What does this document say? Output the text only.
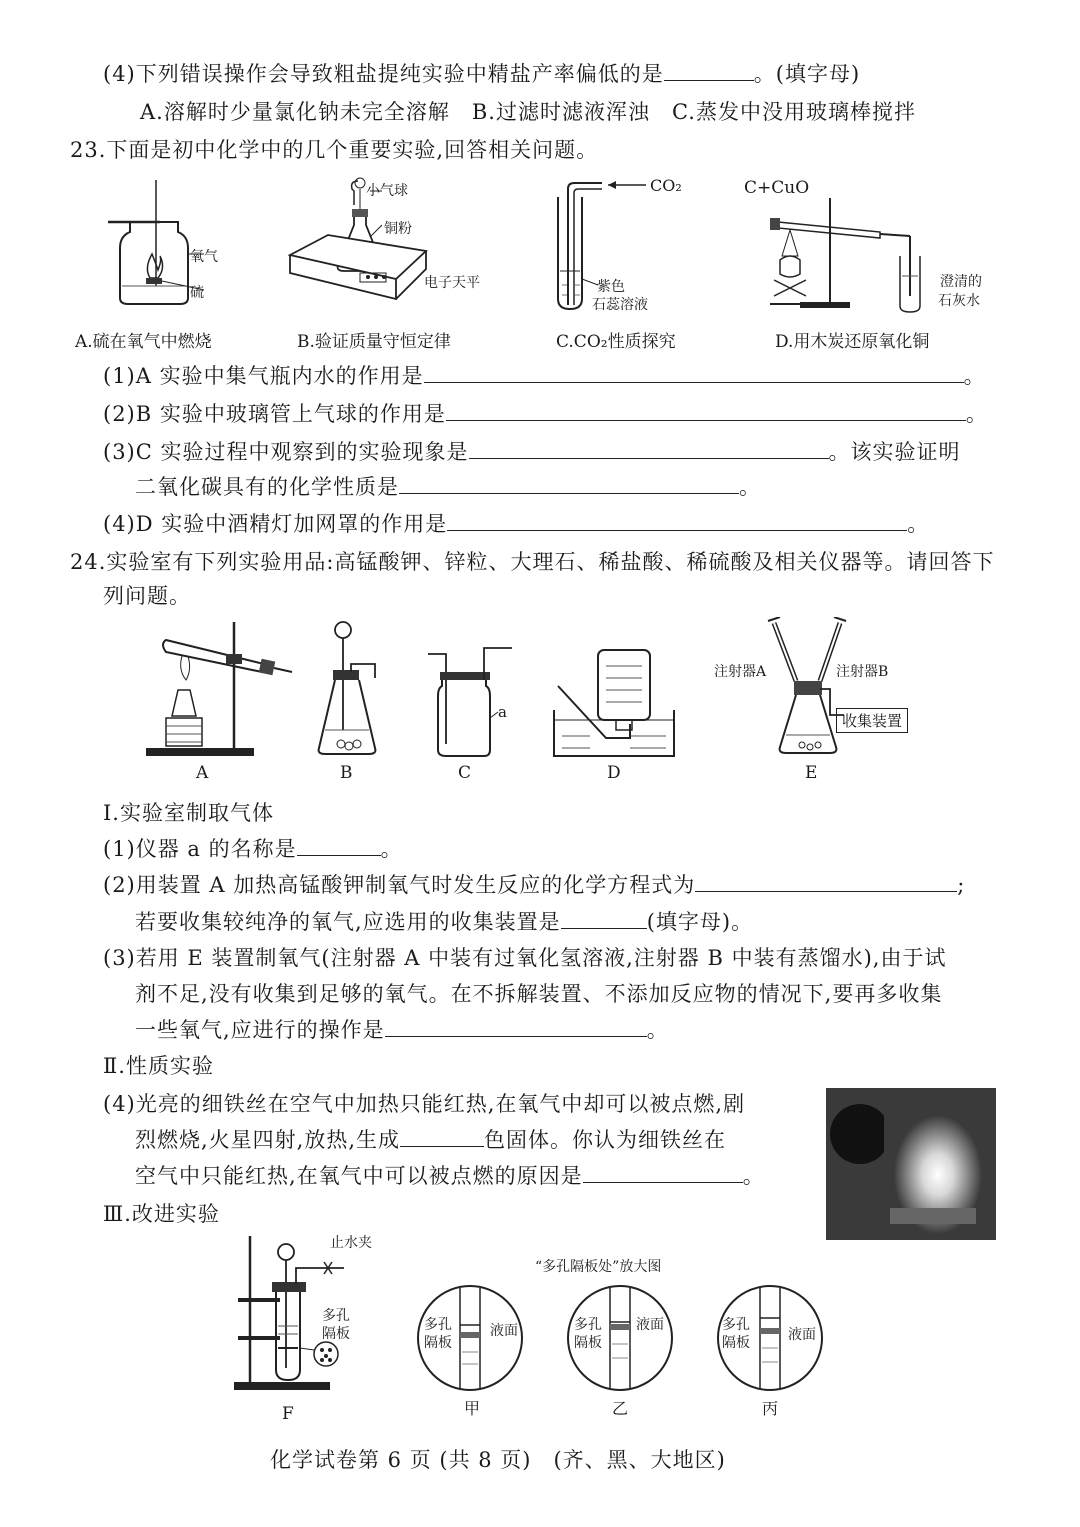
(4)下列错误操作会导致粗盐提纯实验中精盐产率偏低的是	。(填字母)
A.溶解时少量氯化钠未完全溶解　B.过滤时滤液浑浊　C.蒸发中没用玻璃棒搅拌
23.下面是初中化学中的几个重要实验,回答相关问题。
氧气
硫
A.硫在氧气中燃烧
小气球
铜粉
电子天平
B.验证质量守恒定律
CO₂
紫色
石蕊溶液
C.CO₂性质探究
C+CuO
澄清的
石灰水
D.用木炭还原氧化铜
(1)A 实验中集气瓶内水的作用是	。
(2)B 实验中玻璃管上气球的作用是	。
(3)C 实验过程中观察到的实验现象是	。该实验证明
二氧化碳具有的化学性质是	。
(4)D 实验中酒精灯加网罩的作用是	。
24.实验室有下列实验用品:高锰酸钾、锌粒、大理石、稀盐酸、稀硫酸及相关仪器等。请回答下
列问题。
A	B
a
C	D
注射器A	注射器B
收集装置
E
Ⅰ.实验室制取气体
(1)仪器 a 的名称是	。
(2)用装置 A 加热高锰酸钾制氧气时发生反应的化学方程式为	;
若要收集较纯净的氧气,应选用的收集装置是	(填字母)。
(3)若用 E 装置制氧气(注射器 A 中装有过氧化氢溶液,注射器 B 中装有蒸馏水),由于试
剂不足,没有收集到足够的氧气。在不拆解装置、不添加反应物的情况下,要再多收集
一些氧气,应进行的操作是	。
Ⅱ.性质实验
(4)光亮的细铁丝在空气中加热只能红热,在氧气中却可以被点燃,剧
烈燃烧,火星四射,放热,生成	色固体。你认为细铁丝在
空气中只能红热,在氧气中可以被点燃的原因是	。
Ⅲ.改进实验
止水夹
多孔
隔板
F
“多孔隔板处”放大图
多孔
隔板
液面	多孔
隔板
液面	多孔
隔板	液面
甲	乙	丙
化学试卷第 6 页 (共 8 页)　(齐、黑、大地区)
